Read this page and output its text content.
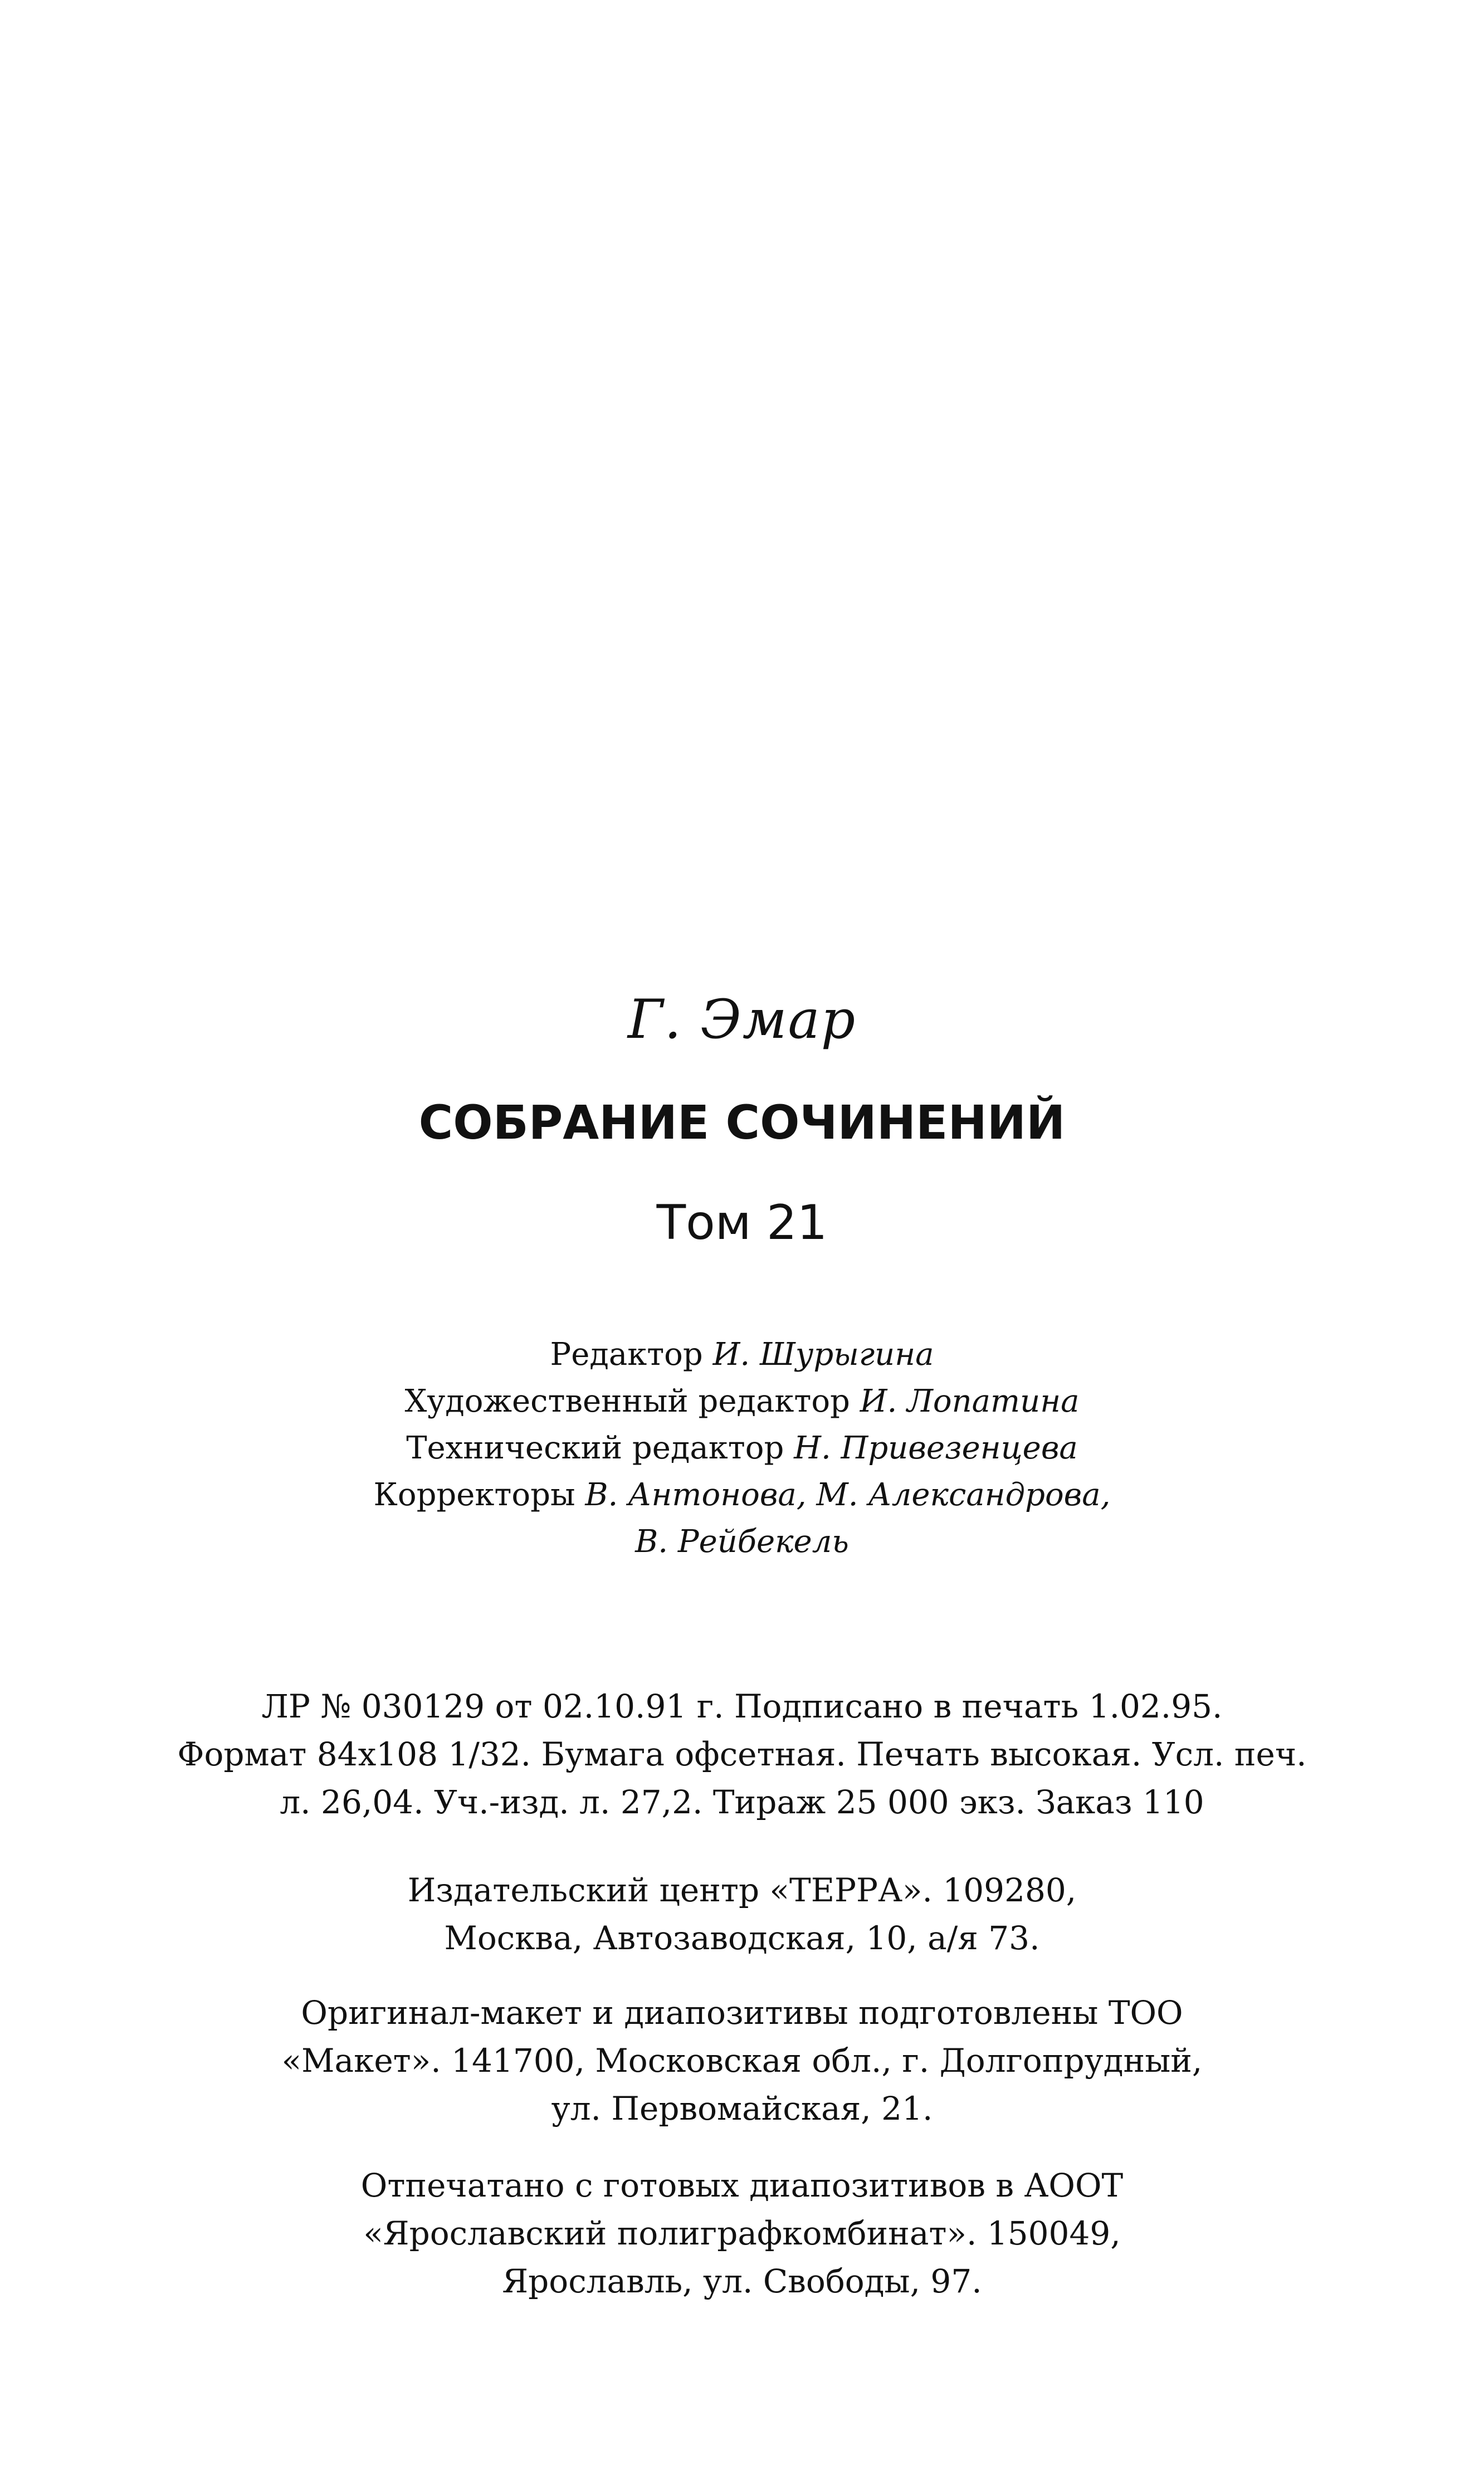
Г. Эмар
СОБРАНИЕ СОЧИНЕНИЙ
Том 21
Редактор И. Шурыгина
Художественный редактор И. Лопатина
Технический редактор Н. Привезенцева
Корректоры В. Антонова, М. Александрова,
В. Рейбекель
ЛР № 030129 от 02.10.91 г. Подписано в печать 1.02.95.
Формат 84x108 1/32. Бумага офсетная. Печать высокая. Усл. печ.
л. 26,04. Уч.-изд. л. 27,2. Тираж 25 000 экз. Заказ 110
Издательский центр «ТЕРРА». 109280,
Москва, Автозаводская, 10, а/я 73.
Оригинал-макет и диапозитивы подготовлены ТОО
«Макет». 141700, Московская обл., г. Долгопрудный,
ул. Первомайская, 21.
Отпечатано с готовых диапозитивов в АООТ
«Ярославский полиграфкомбинат». 150049,
Ярославль, ул. Свободы, 97.
